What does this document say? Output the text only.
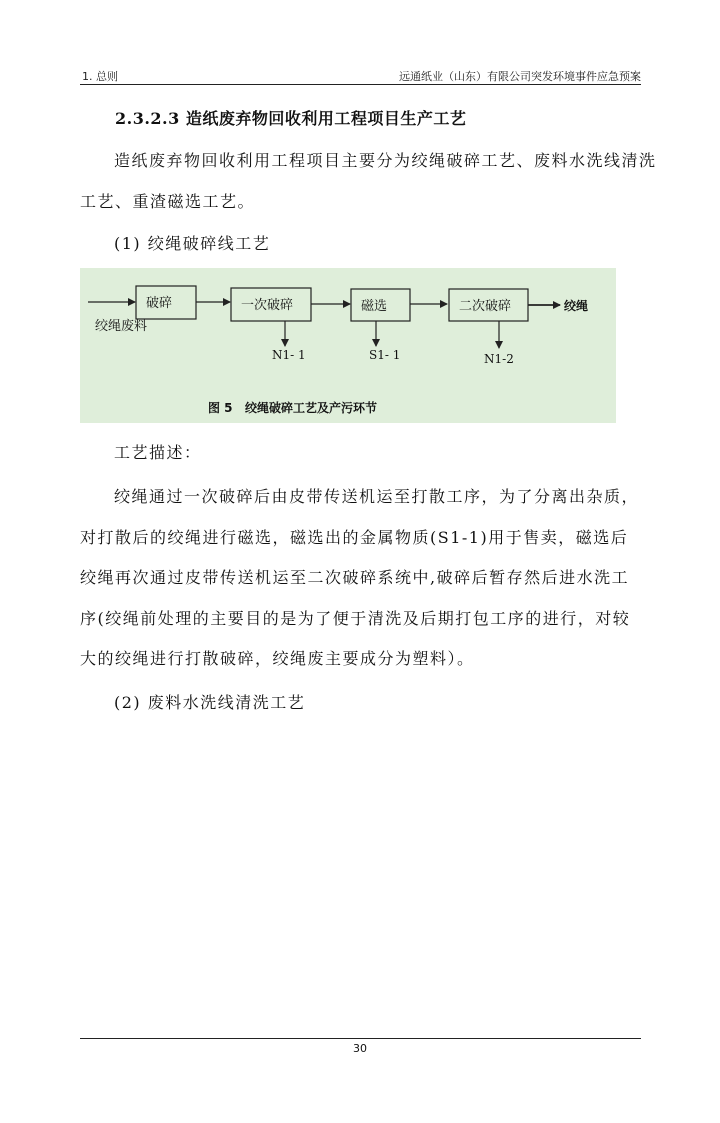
1. 总则	远通纸业（山东）有限公司突发环境事件应急预案
2.3.2.3 造纸废弃物回收利用工程项目生产工艺
造纸废弃物回收利用工程项目主要分为绞绳破碎工艺、废料水洗线清洗
工艺、重渣磁选工艺。
(1) 绞绳破碎线工艺
绞绳废料
破碎	一次破碎
N1- 1
磁选
S1- 1
二次破碎	绞绳
N1-2
图 5   绞绳破碎工艺及产污环节
工艺描述：

绞绳通过一次破碎后由皮带传送机运至打散工序，为了分离出杂质，对打散后的绞绳进行磁选，磁选出的金属物质(S1-1)用于售卖，磁选后绞绳再次通过皮带传送机运至二次破碎系统中,破碎后暂存然后进水洗工序(绞绳前处理的主要目的是为了便于清洗及后期打包工序的进行，对较大的绞绳进行打散破碎，绞绳废主要成分为塑料）。

(2) 废料水洗线清洗工艺
30
